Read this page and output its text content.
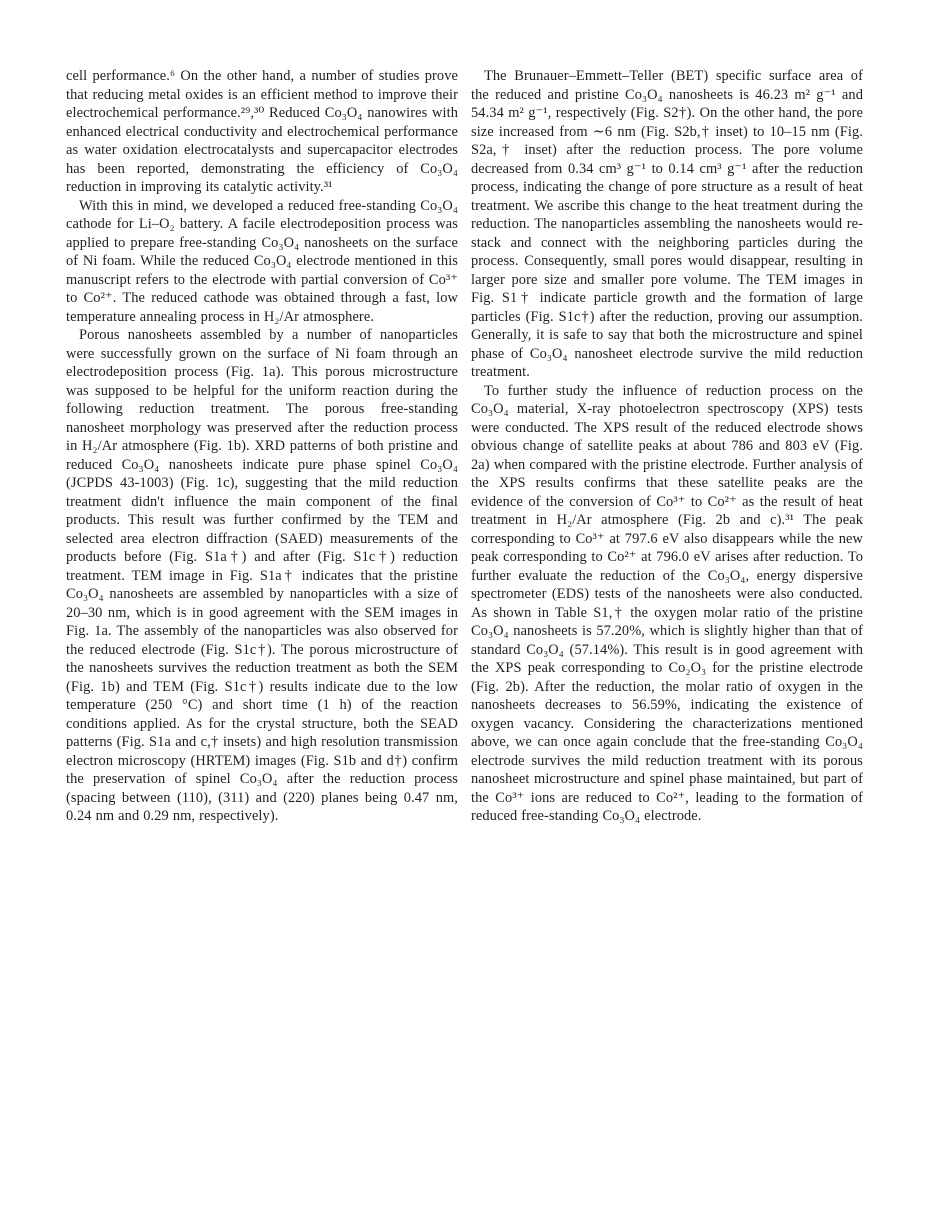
cell performance.⁶ On the other hand, a number of studies prove that reducing metal oxides is an efficient method to improve their electrochemical performance.²⁹,³⁰ Reduced Co₃O₄ nanowires with enhanced electrical conductivity and electrochemical performance as water oxidation electrocatalysts and supercapacitor electrodes has been reported, demonstrating the efficiency of Co₃O₄ reduction in improving its catalytic activity.³¹

With this in mind, we developed a reduced free-standing Co₃O₄ cathode for Li–O₂ battery. A facile electrodeposition process was applied to prepare free-standing Co₃O₄ nanosheets on the surface of Ni foam. While the reduced Co₃O₄ electrode mentioned in this manuscript refers to the electrode with partial conversion of Co³⁺ to Co²⁺. The reduced cathode was obtained through a fast, low temperature annealing process in H₂/Ar atmosphere.

Porous nanosheets assembled by a number of nanoparticles were successfully grown on the surface of Ni foam through an electrodeposition process (Fig. 1a). This porous microstructure was supposed to be helpful for the uniform reaction during the following reduction treatment. The porous free-standing nanosheet morphology was preserved after the reduction process in H₂/Ar atmosphere (Fig. 1b). XRD patterns of both pristine and reduced Co₃O₄ nanosheets indicate pure phase spinel Co₃O₄ (JCPDS 43-1003) (Fig. 1c), suggesting that the mild reduction treatment didn't influence the main component of the final products. This result was further confirmed by the TEM and selected area electron diffraction (SAED) measurements of the products before (Fig. S1a†) and after (Fig. S1c†) reduction treatment. TEM image in Fig. S1a† indicates that the pristine Co₃O₄ nanosheets are assembled by nanoparticles with a size of 20–30 nm, which is in good agreement with the SEM images in Fig. 1a. The assembly of the nanoparticles was also observed for the reduced electrode (Fig. S1c†). The porous microstructure of the nanosheets survives the reduction treatment as both the SEM (Fig. 1b) and TEM (Fig. S1c†) results indicate due to the low temperature (250 °C) and short time (1 h) of the reaction conditions applied. As for the crystal structure, both the SEAD patterns (Fig. S1a and c,† insets) and high resolution transmission electron microscopy (HRTEM) images (Fig. S1b and d†) confirm the preservation of spinel Co₃O₄ after the reduction process (spacing between (110), (311) and (220) planes being 0.47 nm, 0.24 nm and 0.29 nm, respectively).

The Brunauer–Emmett–Teller (BET) specific surface area of the reduced and pristine Co₃O₄ nanosheets is 46.23 m² g⁻¹ and 54.34 m² g⁻¹, respectively (Fig. S2†). On the other hand, the pore size increased from ∼6 nm (Fig. S2b,† inset) to 10–15 nm (Fig. S2a,† inset) after the reduction process. The pore volume decreased from 0.34 cm³ g⁻¹ to 0.14 cm³ g⁻¹ after the reduction process, indicating the change of pore structure as a result of heat treatment. We ascribe this change to the heat treatment during the reduction. The nanoparticles assembling the nanosheets would re-stack and connect with the neighboring particles during the process. Consequently, small pores would disappear, resulting in larger pore size and smaller pore volume. The TEM images in Fig. S1† indicate particle growth and the formation of large particles (Fig. S1c†) after the reduction, proving our assumption. Generally, it is safe to say that both the microstructure and spinel phase of Co₃O₄ nanosheet electrode survive the mild reduction treatment.

To further study the influence of reduction process on the Co₃O₄ material, X-ray photoelectron spectroscopy (XPS) tests were conducted. The XPS result of the reduced electrode shows obvious change of satellite peaks at about 786 and 803 eV (Fig. 2a) when compared with the pristine electrode. Further analysis of the XPS results confirms that these satellite peaks are the evidence of the conversion of Co³⁺ to Co²⁺ as the result of heat treatment in H₂/Ar atmosphere (Fig. 2b and c).³¹ The peak corresponding to Co³⁺ at 797.6 eV also disappears while the new peak corresponding to Co²⁺ at 796.0 eV arises after reduction. To further evaluate the reduction of the Co₃O₄, energy dispersive spectrometer (EDS) tests of the nanosheets were also conducted. As shown in Table S1,† the oxygen molar ratio of the pristine Co₃O₄ nanosheets is 57.20%, which is slightly higher than that of standard Co₃O₄ (57.14%). This result is in good agreement with the XPS peak corresponding to Co₂O₃ for the pristine electrode (Fig. 2b). After the reduction, the molar ratio of oxygen in the nanosheets decreases to 56.59%, indicating the existence of oxygen vacancy. Considering the characterizations mentioned above, we can once again conclude that the free-standing Co₃O₄ electrode survives the mild reduction treatment with its porous nanosheet microstructure and spinel phase maintained, but part of the Co³⁺ ions are reduced to Co²⁺, leading to the formation of reduced free-standing Co₃O₄ electrode.
